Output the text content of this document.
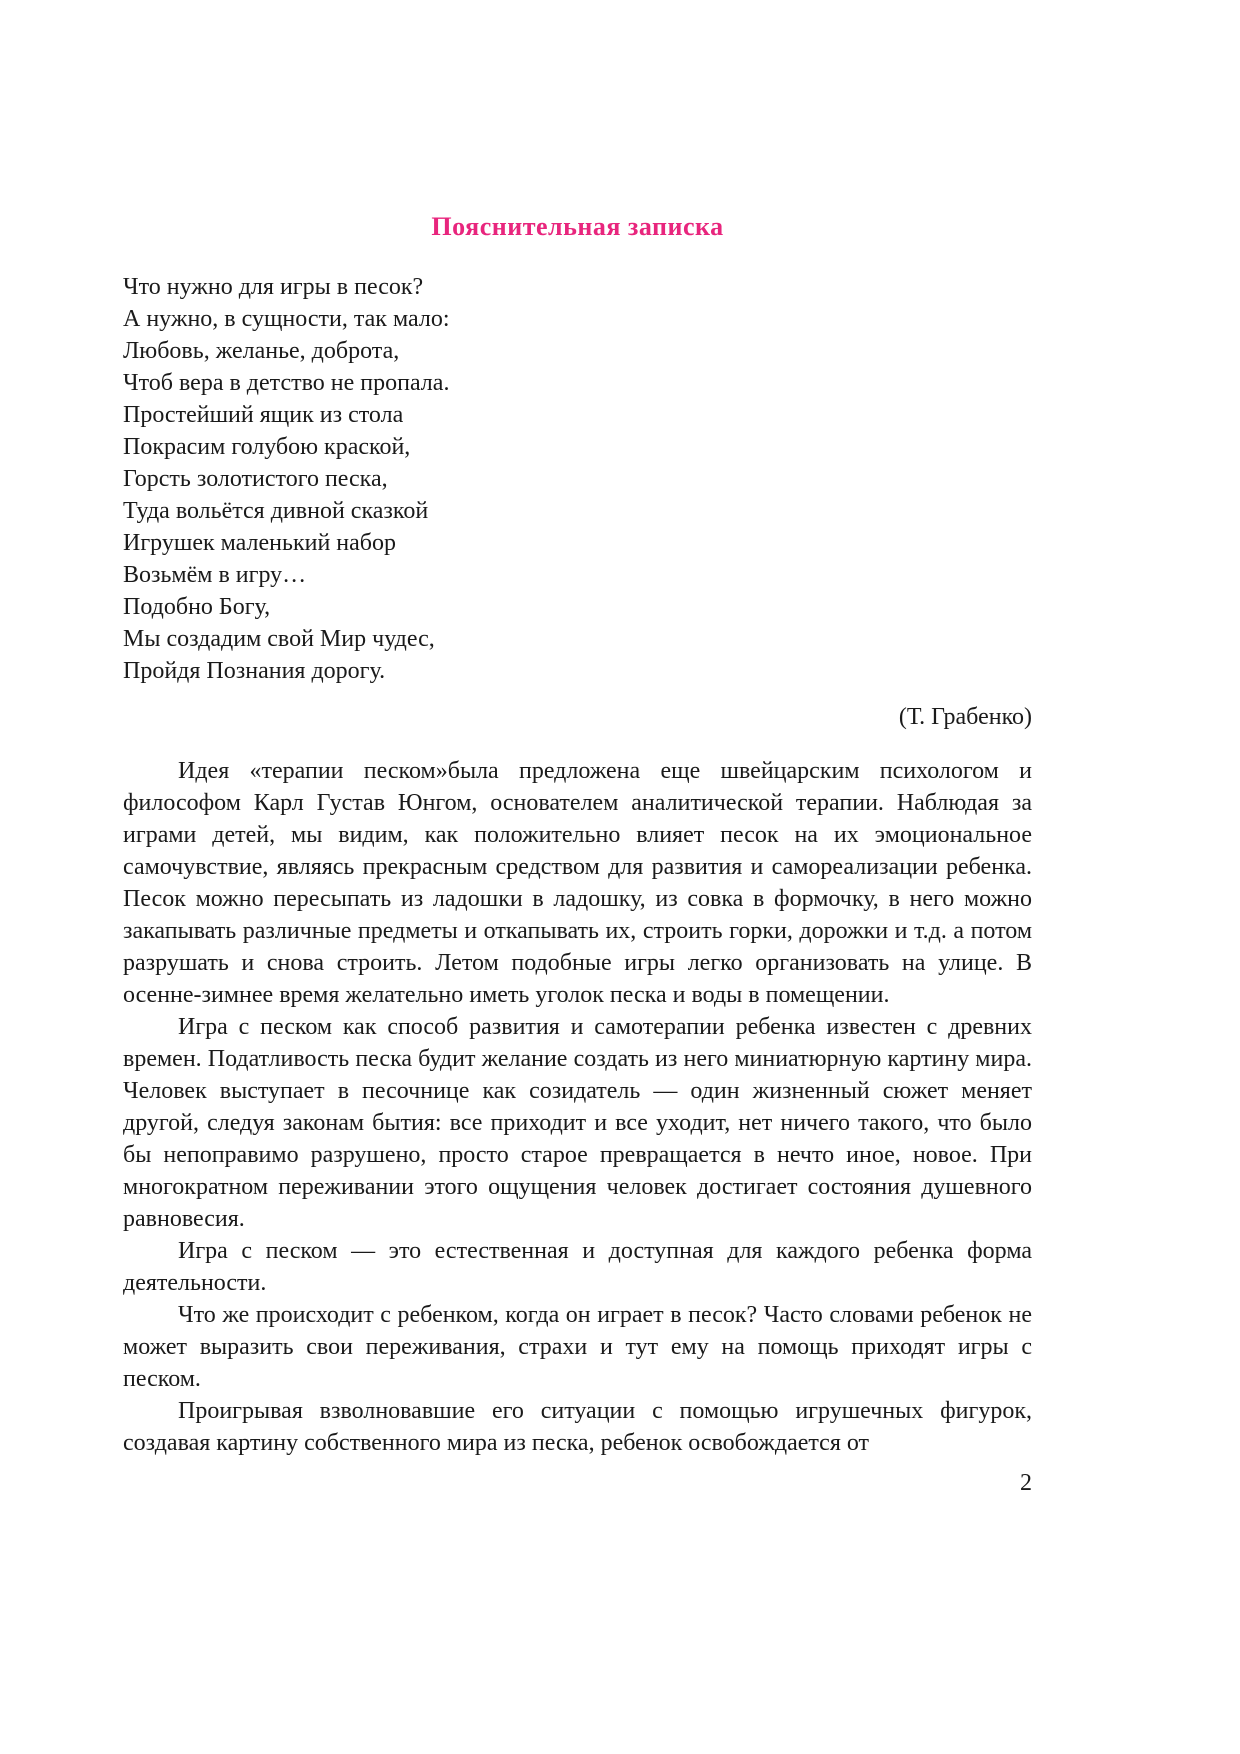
Пояснительная записка
Что нужно для игры в песок?
А нужно, в сущности, так мало:
Любовь, желанье, доброта,
Чтоб вера в детство не пропала.
Простейший ящик из стола
Покрасим голубою краской,
Горсть золотистого песка,
Туда вольётся дивной сказкой
Игрушек маленький набор
Возьмём в игру…
Подобно Богу,
Мы создадим свой Мир чудес,
Пройдя Познания дорогу.
(Т. Грабенко)

Идея «терапии песком»была предложена еще швейцарским психологом и философом Карл Густав Юнгом, основателем аналитической терапии. Наблюдая за играми детей, мы видим, как положительно влияет песок на их эмоциональное самочувствие, являясь прекрасным средством для развития и самореализации ребенка. Песок можно пересыпать из ладошки в ладошку, из совка в формочку, в него можно закапывать различные предметы и откапывать их, строить горки, дорожки и т.д. а потом разрушать и снова строить. Летом подобные игры легко организовать на улице. В осенне-зимнее время желательно иметь уголок песка и воды в помещении.

Игра с песком как способ развития и самотерапии ребенка известен с древних времен. Податливость песка будит желание создать из него миниатюрную картину мира. Человек выступает в песочнице как созидатель — один жизненный сюжет меняет другой, следуя законам бытия: все приходит и все уходит, нет ничего такого, что было бы непоправимо разрушено, просто старое превращается в нечто иное, новое. При многократном переживании этого ощущения человек достигает состояния душевного равновесия.

Игра с песком — это естественная и доступная для каждого ребенка форма деятельности.

Что же происходит с ребенком, когда он играет в песок? Часто словами ребенок не может выразить свои переживания, страхи и тут ему на помощь приходят игры с песком.

Проигрывая взволновавшие его ситуации с помощью игрушечных фигурок, создавая картину собственного мира из песка, ребенок освобождается от

2
